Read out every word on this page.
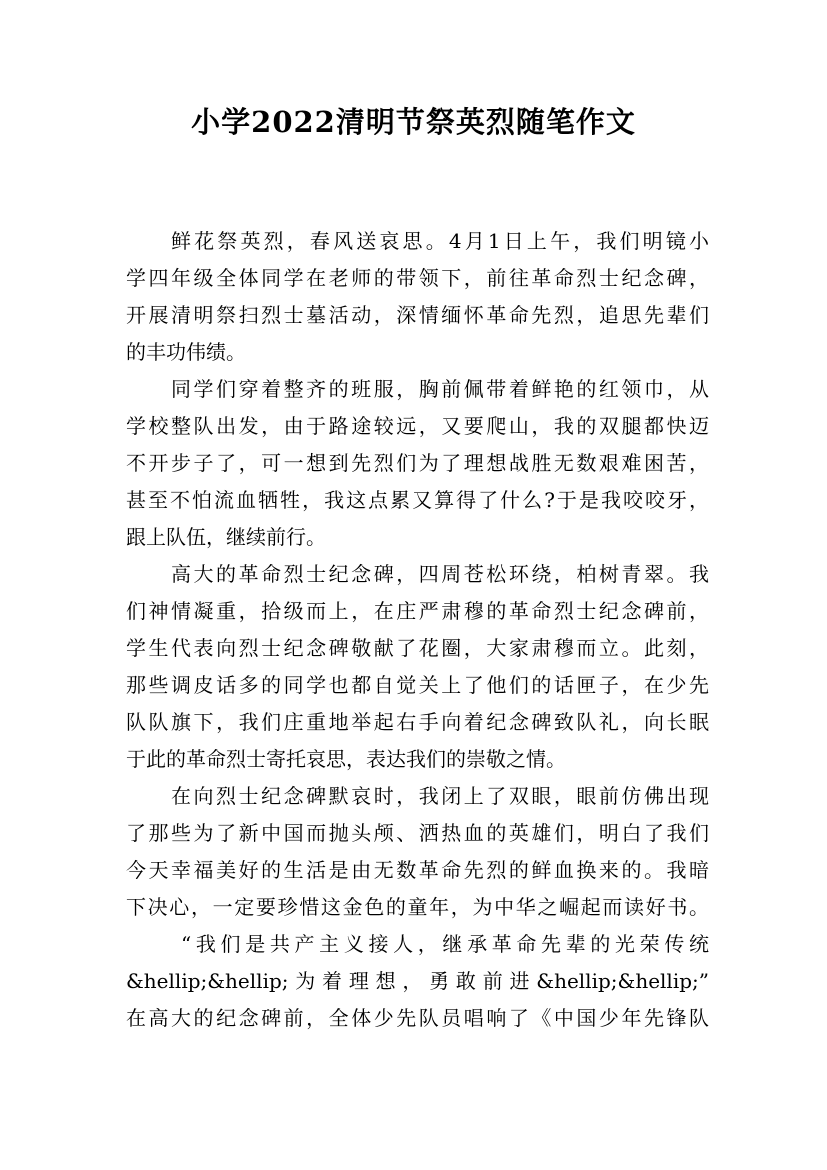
小学2022清明节祭英烈随笔作文
鲜花祭英烈，春风送哀思。4月1日上午，我们明镜小
学四年级全体同学在老师的带领下，前往革命烈士纪念碑，
开展清明祭扫烈士墓活动，深情缅怀革命先烈，追思先辈们
的丰功伟绩。
同学们穿着整齐的班服，胸前佩带着鲜艳的红领巾，从
学校整队出发，由于路途较远，又要爬山，我的双腿都快迈
不开步子了，可一想到先烈们为了理想战胜无数艰难困苦，
甚至不怕流血牺牲，我这点累又算得了什么?于是我咬咬牙，
跟上队伍，继续前行。
高大的革命烈士纪念碑，四周苍松环绕，柏树青翠。我
们神情凝重，拾级而上，在庄严肃穆的革命烈士纪念碑前，
学生代表向烈士纪念碑敬献了花圈，大家肃穆而立。此刻，
那些调皮话多的同学也都自觉关上了他们的话匣子，在少先
队队旗下，我们庄重地举起右手向着纪念碑致队礼，向长眠
于此的革命烈士寄托哀思，表达我们的崇敬之情。
在向烈士纪念碑默哀时，我闭上了双眼，眼前仿佛出现
了那些为了新中国而抛头颅、洒热血的英雄们，明白了我们
今天幸福美好的生活是由无数革命先烈的鲜血换来的。我暗
下决心，一定要珍惜这金色的童年，为中华之崛起而读好书。
“我们是共产主义接人，继承革命先辈的光荣传统
&hellip;&hellip;为着理想，勇敢前进&hellip;&hellip;”
在高大的纪念碑前，全体少先队员唱响了《中国少年先锋队
